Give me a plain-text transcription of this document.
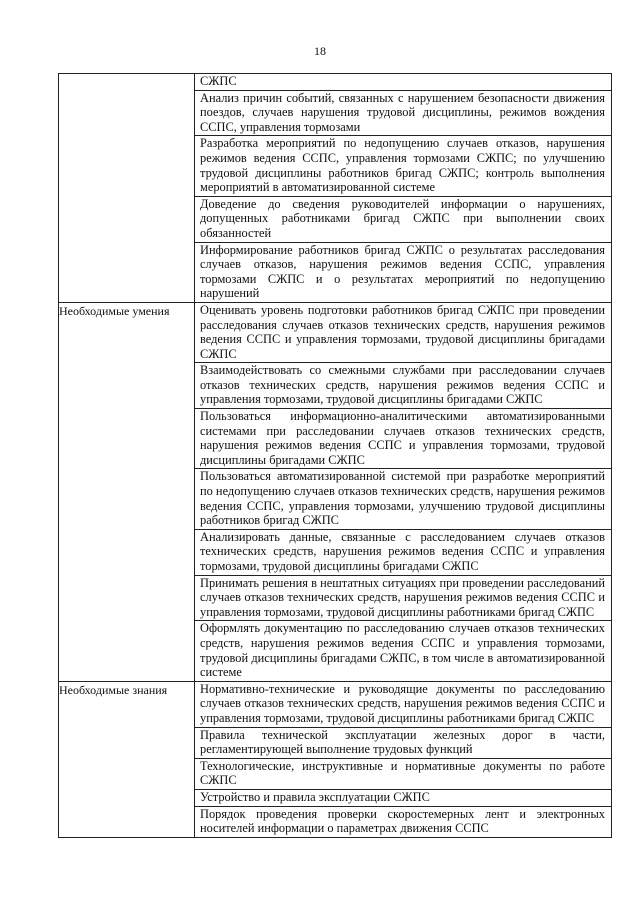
18

	СЖПС

	Анализ причин событий, связанных с нарушением безопасности движения поездов, случаев нарушения трудовой дисциплины, режимов вождения ССПС, управления тормозами

	Разработка мероприятий по недопущению случаев отказов, нарушения режимов ведения ССПС, управления тормозами СЖПС; по улучшению трудовой дисциплины работников бригад СЖПС; контроль выполнения мероприятий в автоматизированной системе

	Доведение до сведения руководителей информации о нарушениях, допущенных работниками бригад СЖПС при выполнении своих обязанностей

	Информирование работников бригад СЖПС о результатах расследования случаев отказов, нарушения режимов ведения ССПС, управления тормозами СЖПС и о результатах мероприятий по недопущению нарушений

Необходимые умения	Оценивать уровень подготовки работников бригад СЖПС при проведении расследования случаев отказов технических средств, нарушения режимов ведения ССПС и управления тормозами, трудовой дисциплины бригадами СЖПС

	Взаимодействовать со смежными службами при расследовании случаев отказов технических средств, нарушения режимов ведения ССПС и управления тормозами, трудовой дисциплины бригадами СЖПС

	Пользоваться информационно-аналитическими автоматизированными системами при расследовании случаев отказов технических средств, нарушения режимов ведения ССПС и управления тормозами, трудовой дисциплины бригадами СЖПС

	Пользоваться автоматизированной системой при разработке мероприятий по недопущению случаев отказов технических средств, нарушения режимов ведения ССПС, управления тормозами, улучшению трудовой дисциплины работников бригад СЖПС

	Анализировать данные, связанные с расследованием случаев отказов технических средств, нарушения режимов ведения ССПС и управления тормозами, трудовой дисциплины бригадами СЖПС

	Принимать решения в нештатных ситуациях при проведении расследований случаев отказов технических средств, нарушения режимов ведения ССПС и управления тормозами, трудовой дисциплины работниками бригад СЖПС

	Оформлять документацию по расследованию случаев отказов технических средств, нарушения режимов ведения ССПС и управления тормозами, трудовой дисциплины бригадами СЖПС, в том числе в автоматизированной системе

Необходимые знания	Нормативно-технические и руководящие документы по расследованию случаев отказов технических средств, нарушения режимов ведения ССПС и управления тормозами, трудовой дисциплины работниками бригад СЖПС

	Правила технической эксплуатации железных дорог в части, регламентирующей выполнение трудовых функций

	Технологические, инструктивные и нормативные документы по работе СЖПС

	Устройство и правила эксплуатации СЖПС

	Порядок проведения проверки скоростемерных лент и электронных носителей информации о параметрах движения ССПС
